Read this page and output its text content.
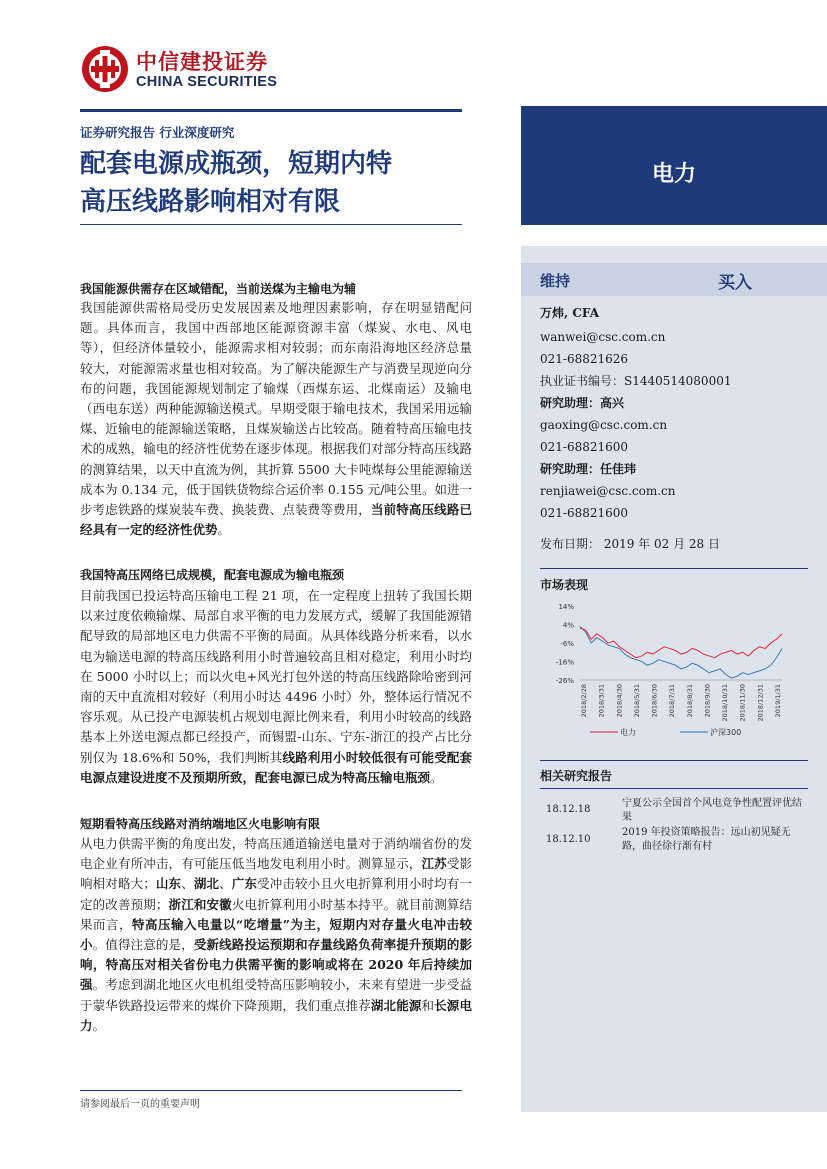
中信建投证券
CHINA SECURITIES
证券研究报告 行业深度研究
配套电源成瓶颈，短期内特
高压线路影响相对有限
电力
维持	买入
万炜, CFA
wanwei@csc.com.cn
021-68821626
执业证书编号：S1440514080001
研究助理：高兴
gaoxing@csc.com.cn
021-68821600
研究助理：任佳玮
renjiawei@csc.com.cn
021-68821600
发布日期： 2019 年 02 月 28 日
市场表现
14%
4%
-6%
-16%
-26%
2018/2/28 2018/3/31 2018/4/30 2018/5/31 2018/6/30 2018/7/31 2018/8/31 2018/9/30 2018/10/31 2018/11/30 2018/12/31 2019/1/31
电力	沪深300
相关研究报告
18.12.18
宁夏公示全国首个风电竞争性配置评优结果
18.12.10
2019 年投资策略报告：远山初见疑无路，曲径徐行渐有村
我国能源供需存在区域错配，当前送煤为主输电为辅
我国能源供需格局受历史发展因素及地理因素影响，存在明显错配问题。具体而言，我国中西部地区能源资源丰富（煤炭、水电、风电等），但经济体量较小，能源需求相对较弱；而东南沿海地区经济总量较大，对能源需求量也相对较高。为了解决能源生产与消费呈现逆向分布的问题，我国能源规划制定了输煤（西煤东运、北煤南运）及输电（西电东送）两种能源输送模式。早期受限于输电技术，我国采用远输煤、近输电的能源输送策略，且煤炭输送占比较高。随着特高压输电技术的成熟，输电的经济性优势在逐步体现。根据我们对部分特高压线路的测算结果，以天中直流为例，其折算 5500 大卡吨煤每公里能源输送成本为 0.134 元，低于国铁货物综合运价率 0.155 元/吨公里。如进一步考虑铁路的煤炭装车费、换装费、点装费等费用，当前特高压线路已经具有一定的经济性优势。
我国特高压网络已成规模，配套电源成为输电瓶颈
目前我国已投运特高压输电工程 21 项，在一定程度上扭转了我国长期以来过度依赖输煤、局部自求平衡的电力发展方式，缓解了我国能源错配导致的局部地区电力供需不平衡的局面。从具体线路分析来看，以水电为输送电源的特高压线路利用小时普遍较高且相对稳定，利用小时均在 5000 小时以上；而以火电+风光打包外送的特高压线路除哈密到河南的天中直流相对较好（利用小时达 4496 小时）外，整体运行情况不容乐观。从已投产电源装机占规划电源比例来看，利用小时较高的线路基本上外送电源点都已经投产，而锡盟-山东、宁东-浙江的投产占比分别仅为 18.6%和 50%，我们判断其线路利用小时较低很有可能受配套电源点建设进度不及预期所致，配套电源已成为特高压输电瓶颈。
短期看特高压线路对消纳端地区火电影响有限
从电力供需平衡的角度出发，特高压通道输送电量对于消纳端省份的发电企业有所冲击，有可能压低当地发电利用小时。测算显示，江苏受影响相对略大；山东、湖北、广东受冲击较小且火电折算利用小时均有一定的改善预期；浙江和安徽火电折算利用小时基本持平。就目前测算结果而言，特高压输入电量以“吃增量”为主，短期内对存量火电冲击较小。值得注意的是，受新线路投运预期和存量线路负荷率提升预期的影响，特高压对相关省份电力供需平衡的影响或将在 2020 年后持续加强。考虑到湖北地区火电机组受特高压影响较小，未来有望进一步受益于蒙华铁路投运带来的煤价下降预期，我们重点推荐湖北能源和长源电力。
请参阅最后一页的重要声明
